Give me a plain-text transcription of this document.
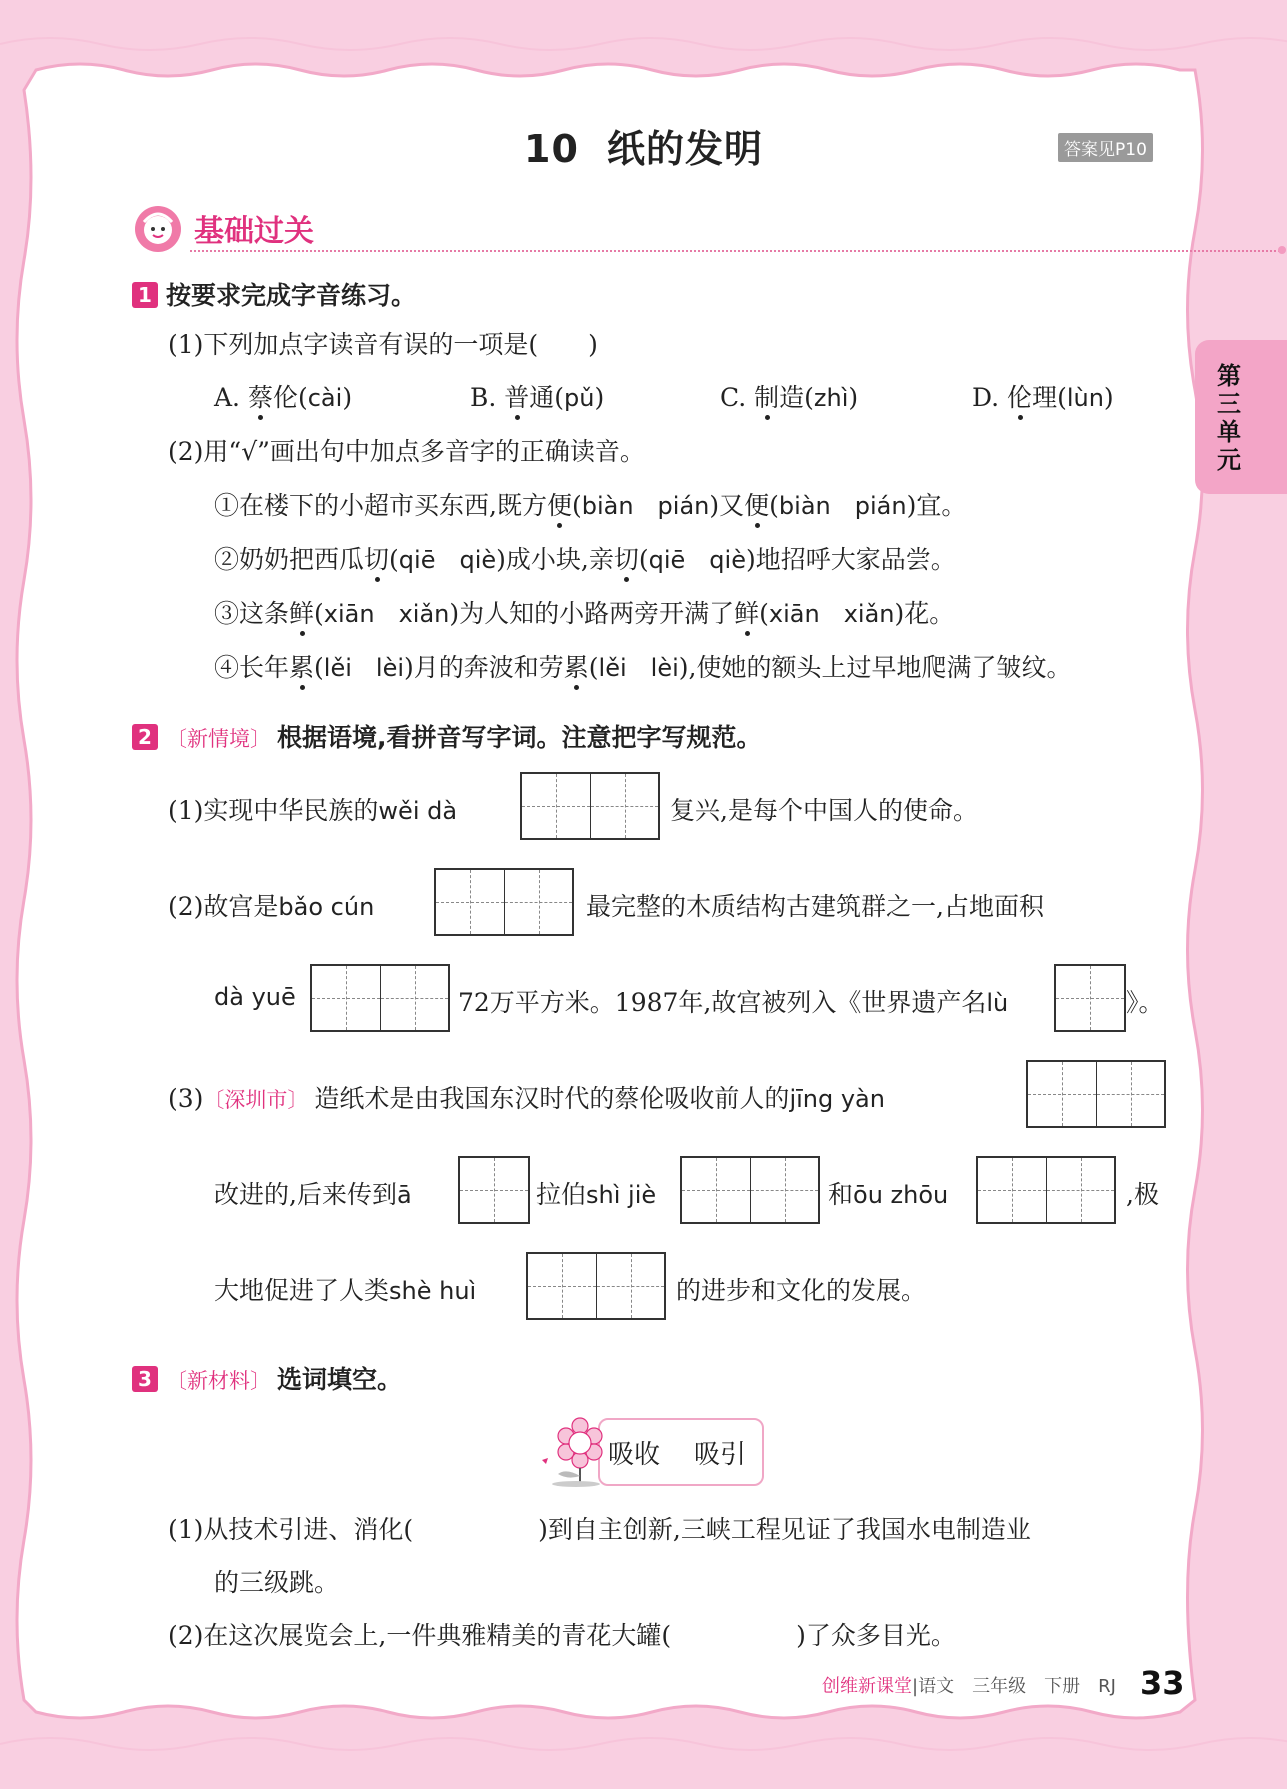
10 纸的发明	答案见P10
第三单元
基础过关
1 按要求完成字音练习。
(1)下列加点字读音有误的一项是(　　)
A. 蔡伦(cài)	B. 普通(pǔ)	C. 制造(zhì)	D. 伦理(lùn)
(2)用“√”画出句中加点多音字的正确读音。
①在楼下的小超市买东西,既方便(biàn　pián)又便(biàn　pián)宜。
②奶奶把西瓜切(qiē　qiè)成小块,亲切(qiē　qiè)地招呼大家品尝。
③这条鲜(xiān　xiǎn)为人知的小路两旁开满了鲜(xiān　xiǎn)花。
④长年累(lěi　lèi)月的奔波和劳累(lěi　lèi),使她的额头上过早地爬满了皱纹。
2 〔新情境〕 根据语境,看拼音写字词。注意把字写规范。
(1)实现中华民族的wěi dà	复兴,是每个中国人的使命。
(2)故宫是bǎo cún	最完整的木质结构古建筑群之一,占地面积
dà yuē	72万平方米。1987年,故宫被列入《世界遗产名lù	》。
(3)〔深圳市〕 造纸术是由我国东汉时代的蔡伦吸收前人的jīng yàn
改进的,后来传到ā	拉伯shì jiè	和ōu zhōu	,极
大地促进了人类shè huì	的进步和文化的发展。
3 〔新材料〕 选词填空。
吸收 吸引
(1)从技术引进、消化(　　　　　)到自主创新,三峡工程见证了我国水电制造业
的三级跳。
(2)在这次展览会上,一件典雅精美的青花大罐(　　　　　)了众多目光。
创维新课堂|语文　三年级　下册　RJ 33
